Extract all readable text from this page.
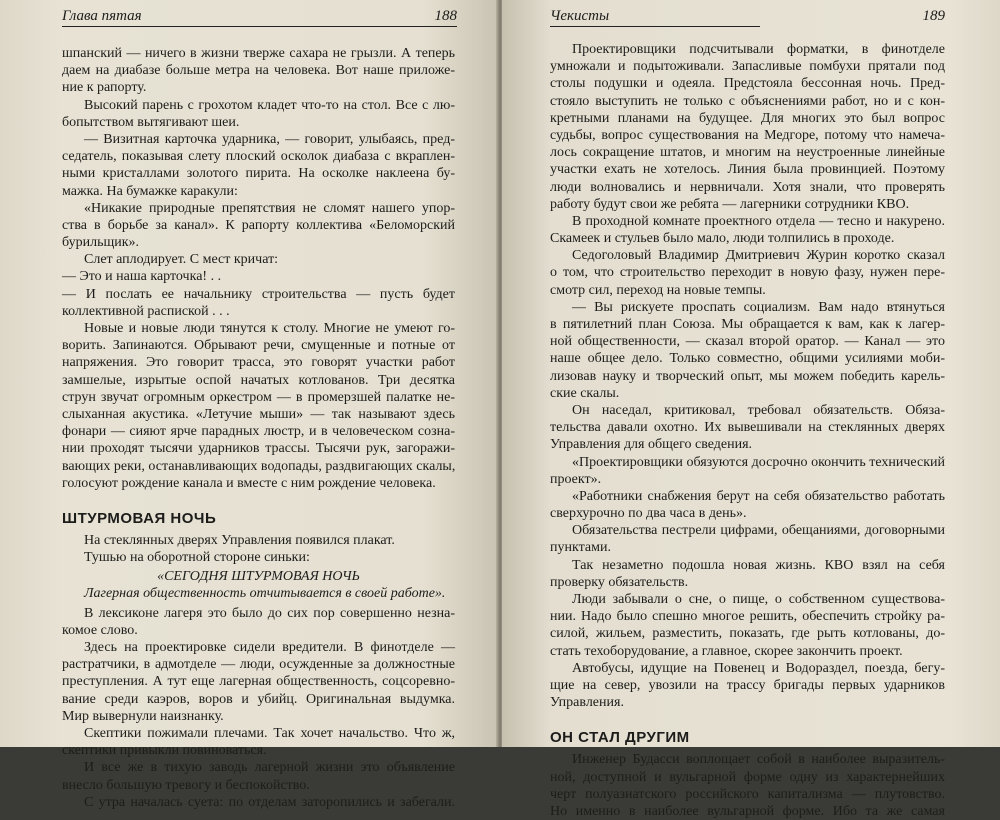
Глава пятая	188
шпанский — ничего в жизни тверже сахара не грызли. А теперь
даем на диабазе больше метра на человека. Вот наше приложе-
ние к рапорту.
Высокий парень с грохотом кладет что-то на стол. Все с лю-
бопытством вытягивают шеи.
— Визитная карточка ударника, — говорит, улыбаясь, пред-
седатель, показывая слету плоский осколок диабаза с вкраплен-
ными кристаллами золотого пирита. На осколке наклеена бу-
мажка. На бумажке каракули:
«Никакие природные препятствия не сломят нашего упор-
ства в борьбе за канал». К рапорту коллектива «Беломорский
бурильщик».
Слет аплодирует. С мест кричат:
— Это и наша карточка! . .
— И послать ее начальнику строительства — пусть будет
коллективной распиской . . .
Новые и новые люди тянутся к столу. Многие не умеют го-
ворить. Запинаются. Обрывают речи, смущенные и потные от
напряжения. Это говорит трасса, это говорят участки работ
замшелые, изрытые оспой начатых котлованов. Три десятка
струн звучат огромным оркестром — в промерзшей палатке не-
слыханная акустика. «Летучие мыши» — так называют здесь
фонари — сияют ярче парадных люстр, и в человеческом созна-
нии проходят тысячи ударников трассы. Тысячи рук, загоражи-
вающих реки, останавливающих водопады, раздвигающих скалы,
голосуют рождение канала и вместе с ним рождение человека.
ШТУРМОВАЯ НОЧЬ
На стеклянных дверях Управления появился плакат.
Тушью на оборотной стороне синьки:
«СЕГОДНЯ ШТУРМОВАЯ НОЧЬ
Лагерная общественность отчитывается в своей работе».
В лексиконе лагеря это было до сих пор совершенно незна-
комое слово.
Здесь на проектировке сидели вредители. В финотделе —
растратчики, в адмотделе — люди, осужденные за должностные
преступления. А тут еще лагерная общественность, соцсоревно-
вание среди каэров, воров и убийц. Оригинальная выдумка.
Мир вывернули наизнанку.
Скептики пожимали плечами. Так хочет начальство. Что ж,
скептики привыкли повиноваться.
И все же в тихую заводь лагерной жизни это объявление
внесло большую тревогу и беспокойство.
С утра началась суета: по отделам заторопились и забегали.
Чекисты	189
Проектировщики подсчитывали форматки, в финотделе
умножали и подытоживали. Запасливые помбухи прятали под
столы подушки и одеяла. Предстояла бессонная ночь. Пред-
стояло выступить не только с объяснениями работ, но и с кон-
кретными планами на будущее. Для многих это был вопрос
судьбы, вопрос существования на Медгоре, потому что намеча-
лось сокращение штатов, и многим на неустроенные линейные
участки ехать не хотелось. Линия была провинцией. Поэтому
люди волновались и нервничали. Хотя знали, что проверять
работу будут свои же ребята — лагерники сотрудники КВО.
В проходной комнате проектного отдела — тесно и накурено.
Скамеек и стульев было мало, люди толпились в проходе.
Седоголовый Владимир Дмитриевич Журин коротко сказал
о том, что строительство переходит в новую фазу, нужен пере-
смотр сил, переход на новые темпы.
— Вы рискуете проспать социализм. Вам надо втянуться
в пятилетний план Союза. Мы обращается к вам, как к лагер-
ной общественности, — сказал второй оратор. — Канал — это
наше общее дело. Только совместно, общими усилиями моби-
лизовав науку и творческий опыт, мы можем победить карель-
ские скалы.
Он наседал, критиковал, требовал обязательств. Обяза-
тельства давали охотно. Их вывешивали на стеклянных дверях
Управления для общего сведения.
«Проектировщики обязуются досрочно окончить технический
проект».
«Работники снабжения берут на себя обязательство работать
сверхурочно по два часа в день».
Обязательства пестрели цифрами, обещаниями, договорными
пунктами.
Так незаметно подошла новая жизнь. КВО взял на себя
проверку обязательств.
Люди забывали о сне, о пище, о собственном существова-
нии. Надо было спешно многое решить, обеспечить стройку ра-
силой, жильем, разместить, показать, где рыть котлованы, до-
стать техоборудование, а главное, скорее закончить проект.
Автобусы, идущие на Повенец и Водораздел, поезда, бегу-
щие на север, увозили на трассу бригады первых ударников
Управления.
ОН СТАЛ ДРУГИМ
Инженер Будасси воплощает собой в наиболее выразитель-
ной, доступной и вульгарной форме одну из характернейших
черт полуазиатского российского капитализма — плутовство.
Но именно в наиболее вульгарной форме. Ибо та же самая
